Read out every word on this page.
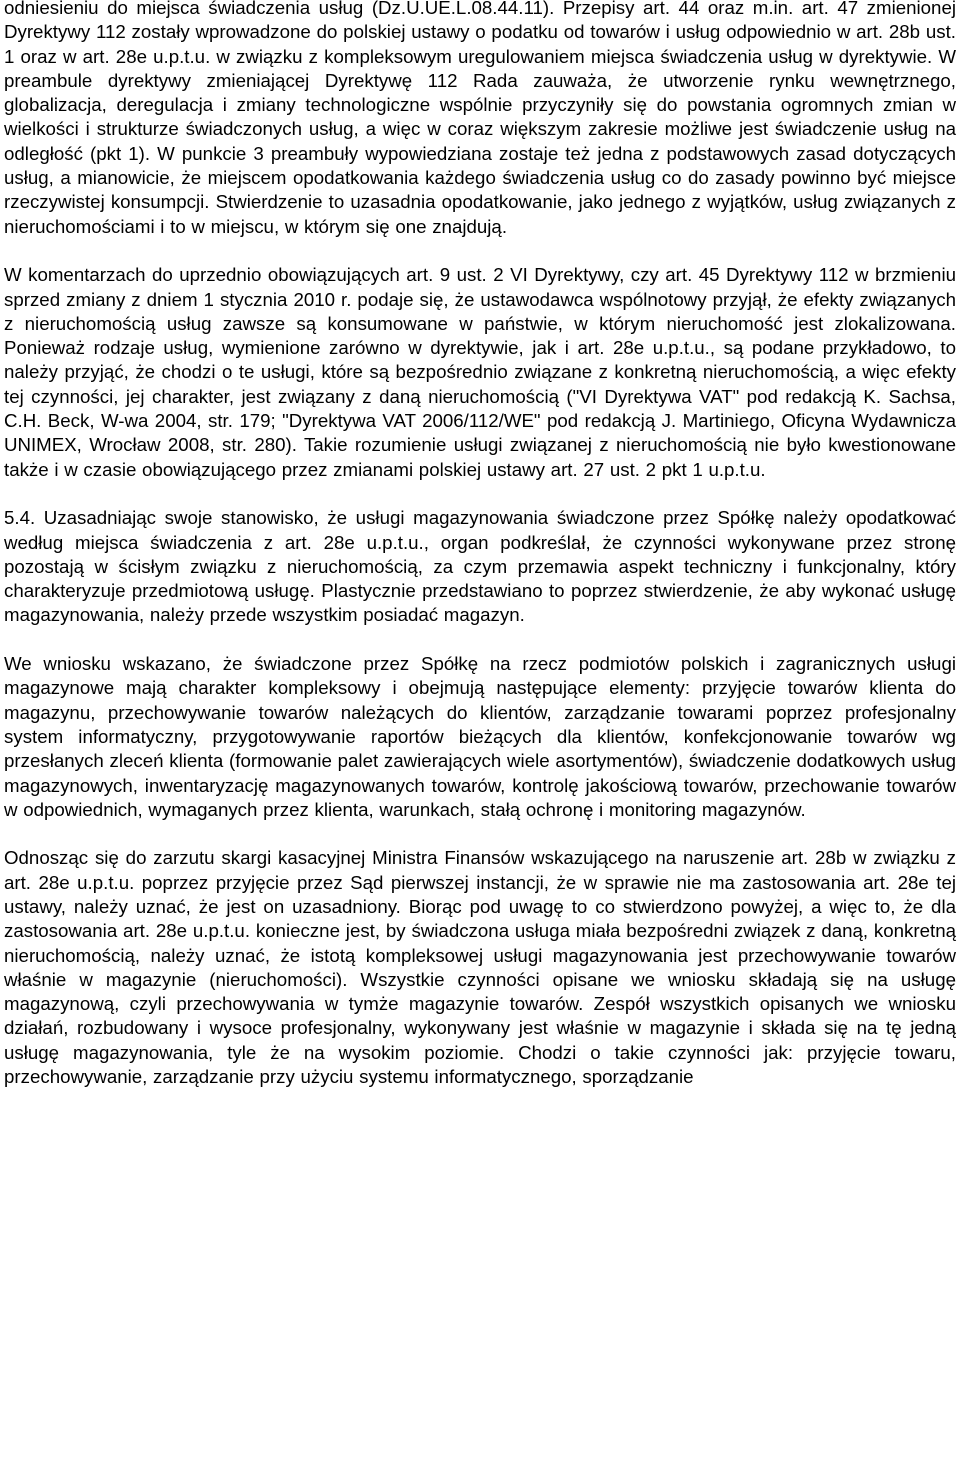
odniesieniu do miejsca świadczenia usług (Dz.U.UE.L.08.44.11). Przepisy art. 44 oraz m.in. art. 47 zmienionej Dyrektywy 112 zostały wprowadzone do polskiej ustawy o podatku od towarów i usług odpowiednio w art. 28b ust. 1 oraz w art. 28e u.p.t.u. w związku z kompleksowym uregulowaniem miejsca świadczenia usług w dyrektywie. W preambule dyrektywy zmieniającej Dyrektywę 112 Rada zauważa, że utworzenie rynku wewnętrznego, globalizacja, deregulacja i zmiany technologiczne wspólnie przyczyniły się do powstania ogromnych zmian w wielkości i strukturze świadczonych usług, a więc w coraz większym zakresie możliwe jest świadczenie usług na odległość (pkt 1). W punkcie 3 preambuły wypowiedziana zostaje też jedna z podstawowych zasad dotyczących usług, a mianowicie, że miejscem opodatkowania każdego świadczenia usług co do zasady powinno być miejsce rzeczywistej konsumpcji. Stwierdzenie to uzasadnia opodatkowanie, jako jednego z wyjątków, usług związanych z nieruchomościami i to w miejscu, w którym się one znajdują.

W komentarzach do uprzednio obowiązujących art. 9 ust. 2 VI Dyrektywy, czy art. 45 Dyrektywy 112 w brzmieniu sprzed zmiany z dniem 1 stycznia 2010 r. podaje się, że ustawodawca wspólnotowy przyjął, że efekty związanych z nieruchomością usług zawsze są konsumowane w państwie, w którym nieruchomość jest zlokalizowana. Ponieważ rodzaje usług, wymienione zarówno w dyrektywie, jak i art. 28e u.p.t.u., są podane przykładowo, to należy przyjąć, że chodzi o te usługi, które są bezpośrednio związane z konkretną nieruchomością, a więc efekty tej czynności, jej charakter, jest związany z daną nieruchomością ("VI Dyrektywa VAT" pod redakcją K. Sachsa, C.H. Beck, W-wa 2004, str. 179; "Dyrektywa VAT 2006/112/WE" pod redakcją J. Martiniego, Oficyna Wydawnicza UNIMEX, Wrocław 2008, str. 280). Takie rozumienie usługi związanej z nieruchomością nie było kwestionowane także i w czasie obowiązującego przez zmianami polskiej ustawy art. 27 ust. 2 pkt 1 u.p.t.u.

5.4. Uzasadniając swoje stanowisko, że usługi magazynowania świadczone przez Spółkę należy opodatkować według miejsca świadczenia z art. 28e u.p.t.u., organ podkreślał, że czynności wykonywane przez stronę pozostają w ścisłym związku z nieruchomością, za czym przemawia aspekt techniczny i funkcjonalny, który charakteryzuje przedmiotową usługę. Plastycznie przedstawiano to poprzez stwierdzenie, że aby wykonać usługę magazynowania, należy przede wszystkim posiadać magazyn.

We wniosku wskazano, że świadczone przez Spółkę na rzecz podmiotów polskich i zagranicznych usługi magazynowe mają charakter kompleksowy i obejmują następujące elementy: przyjęcie towarów klienta do magazynu, przechowywanie towarów należących do klientów, zarządzanie towarami poprzez profesjonalny system informatyczny, przygotowywanie raportów bieżących dla klientów, konfekcjonowanie towarów wg przesłanych zleceń klienta (formowanie palet zawierających wiele asortymentów), świadczenie dodatkowych usług magazynowych, inwentaryzację magazynowanych towarów, kontrolę jakościową towarów, przechowanie towarów w odpowiednich, wymaganych przez klienta, warunkach, stałą ochronę i monitoring magazynów.

Odnosząc się do zarzutu skargi kasacyjnej Ministra Finansów wskazującego na naruszenie art. 28b w związku z art. 28e u.p.t.u. poprzez przyjęcie przez Sąd pierwszej instancji, że w sprawie nie ma zastosowania art. 28e tej ustawy, należy uznać, że jest on uzasadniony. Biorąc pod uwagę to co stwierdzono powyżej, a więc to, że dla zastosowania art. 28e u.p.t.u. konieczne jest, by świadczona usługa miała bezpośredni związek z daną, konkretną nieruchomością, należy uznać, że istotą kompleksowej usługi magazynowania jest przechowywanie towarów właśnie w magazynie (nieruchomości). Wszystkie czynności opisane we wniosku składają się na usługę magazynową, czyli przechowywania w tymże magazynie towarów. Zespół wszystkich opisanych we wniosku działań, rozbudowany i wysoce profesjonalny, wykonywany jest właśnie w magazynie i składa się na tę jedną usługę magazynowania, tyle że na wysokim poziomie. Chodzi o takie czynności jak: przyjęcie towaru, przechowywanie, zarządzanie przy użyciu systemu informatycznego, sporządzanie
